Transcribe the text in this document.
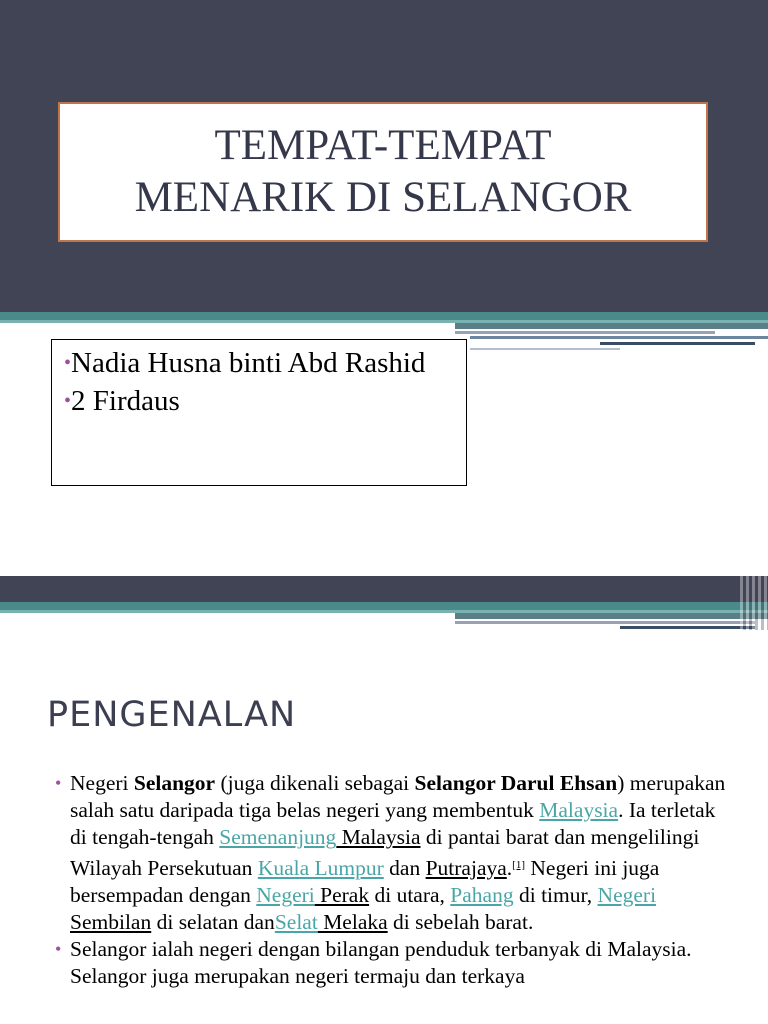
TEMPAT-TEMPAT
MENARIK DI SELANGOR
•Nadia Husna binti Abd Rashid
•2 Firdaus
PENGENALAN
• Negeri Selangor (juga dikenali sebagai Selangor Darul Ehsan) merupakan salah satu daripada tiga belas negeri yang membentuk Malaysia. Ia terletak di tengah-tengah Semenanjung Malaysia di pantai barat dan mengelilingi Wilayah Persekutuan Kuala Lumpur dan Putrajaya.[1] Negeri ini juga bersempadan dengan Negeri Perak di utara, Pahang di timur, Negeri Sembilan di selatan danSelat Melaka di sebelah barat.
• Selangor ialah negeri dengan bilangan penduduk terbanyak di Malaysia. Selangor juga merupakan negeri termaju dan terkaya
